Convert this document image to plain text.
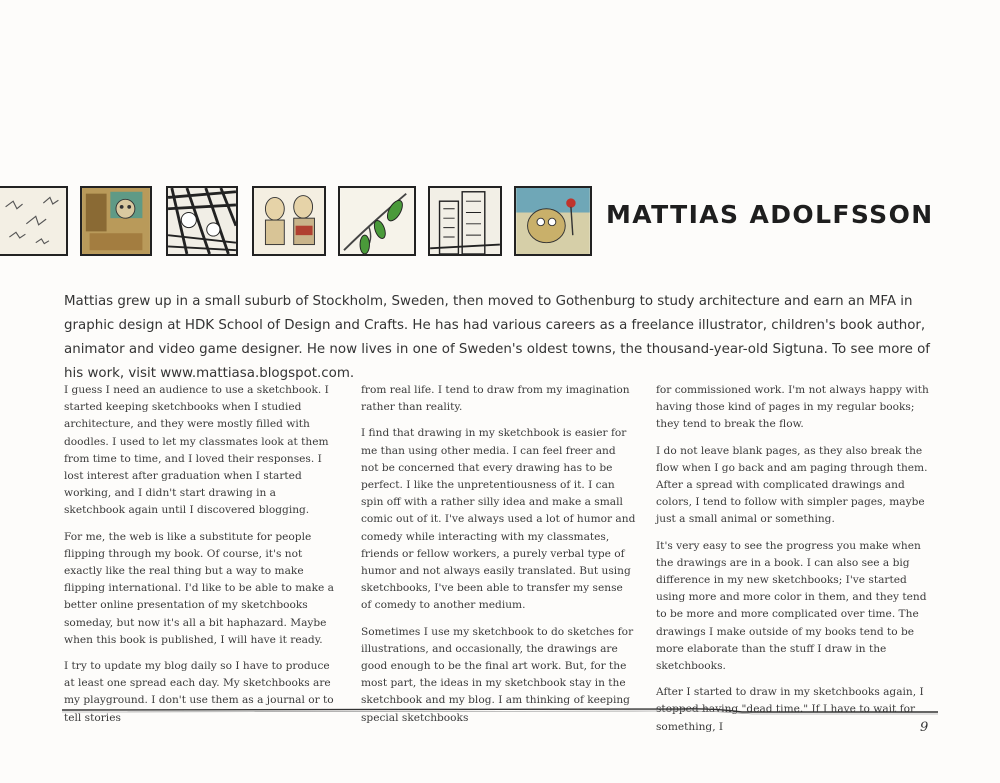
MATTIAS ADOLFSSON
Mattias grew up in a small suburb of Stockholm, Sweden, then moved to Gothenburg to study architecture and earn an MFA in graphic design at HDK School of Design and Crafts. He has had various careers as a freelance illustrator, children's book author, animator and video game designer. He now lives in one of Sweden's oldest towns, the thousand-year-old Sigtuna. To see more of his work, visit www.mattiasa.blogspot.com.

I guess I need an audience to use a sketchbook. I started keeping sketchbooks when I studied architecture, and they were mostly filled with doodles. I used to let my classmates look at them from time to time, and I loved their responses. I lost interest after graduation when I started working, and I didn't start drawing in a sketchbook again until I discovered blogging.

For me, the web is like a substitute for people flipping through my book. Of course, it's not exactly like the real thing but a way to make flipping international. I'd like to be able to make a better online presentation of my sketchbooks someday, but now it's all a bit haphazard. Maybe when this book is published, I will have it ready.

I try to update my blog daily so I have to produce at least one spread each day. My sketchbooks are my playground. I don't use them as a journal or to tell stories

from real life. I tend to draw from my imagination rather than reality.

I find that drawing in my sketchbook is easier for me than using other media. I can feel freer and not be concerned that every drawing has to be perfect. I like the unpretentiousness of it. I can spin off with a rather silly idea and make a small comic out of it. I've always used a lot of humor and comedy while interacting with my classmates, friends or fellow workers, a purely verbal type of humor and not always easily translated. But using sketchbooks, I've been able to transfer my sense of comedy to another medium.

Sometimes I use my sketchbook to do sketches for illustrations, and occasionally, the drawings are good enough to be the final art work. But, for the most part, the ideas in my sketchbook stay in the sketchbook and my blog. I am thinking of keeping special sketchbooks

for commissioned work. I'm not always happy with having those kind of pages in my regular books; they tend to break the flow.

I do not leave blank pages, as they also break the flow when I go back and am paging through them. After a spread with complicated drawings and colors, I tend to follow with simpler pages, maybe just a small animal or something.

It's very easy to see the progress you make when the drawings are in a book. I can also see a big difference in my new sketchbooks; I've started using more and more color in them, and they tend to be more and more complicated over time. The drawings I make outside of my books tend to be more elaborate than the stuff I draw in the sketchbooks.

After I started to draw in my sketchbooks again, I stopped having "dead time." If I have to wait for something, I	9
